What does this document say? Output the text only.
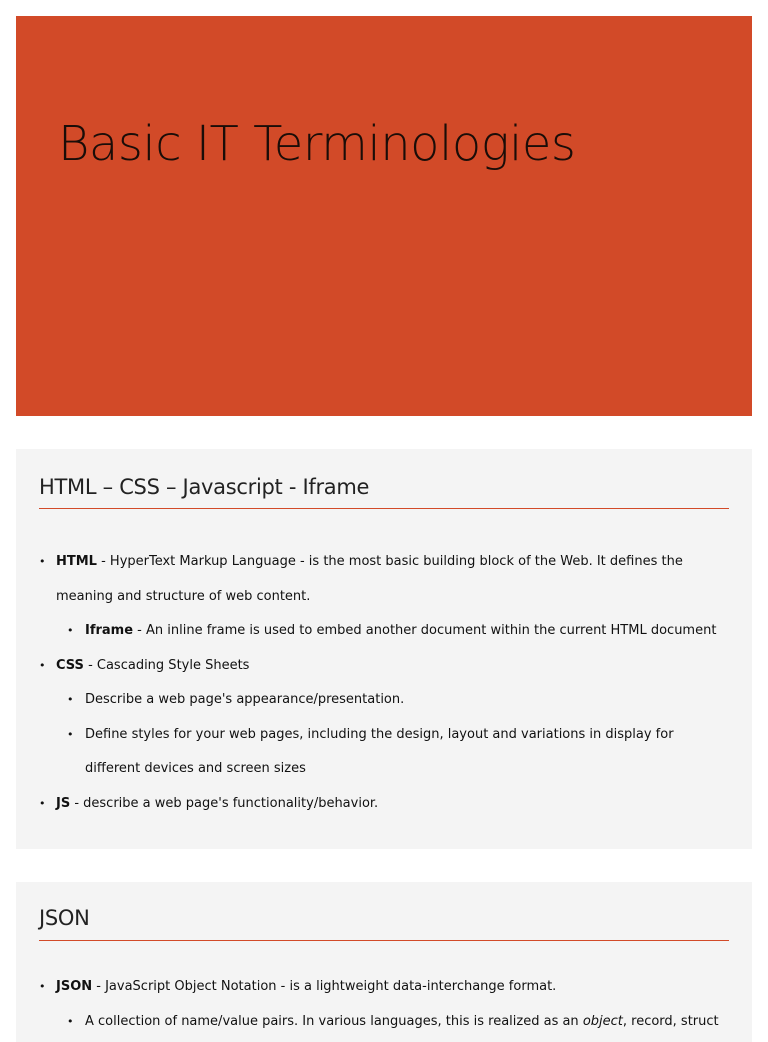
Basic IT Terminologies
HTML – CSS – Javascript - Iframe
• HTML - HyperText Markup Language - is the most basic building block of the Web. It defines the meaning and structure of web content.
• Iframe - An inline frame is used to embed another document within the current HTML document
• CSS - Cascading Style Sheets
• Describe a web page's appearance/presentation.
• Define styles for your web pages, including the design, layout and variations in display for different devices and screen sizes
• JS - describe a web page's functionality/behavior.
JSON
• JSON - JavaScript Object Notation - is a lightweight data-interchange format.
• A collection of name/value pairs. In various languages, this is realized as an object, record, struct
